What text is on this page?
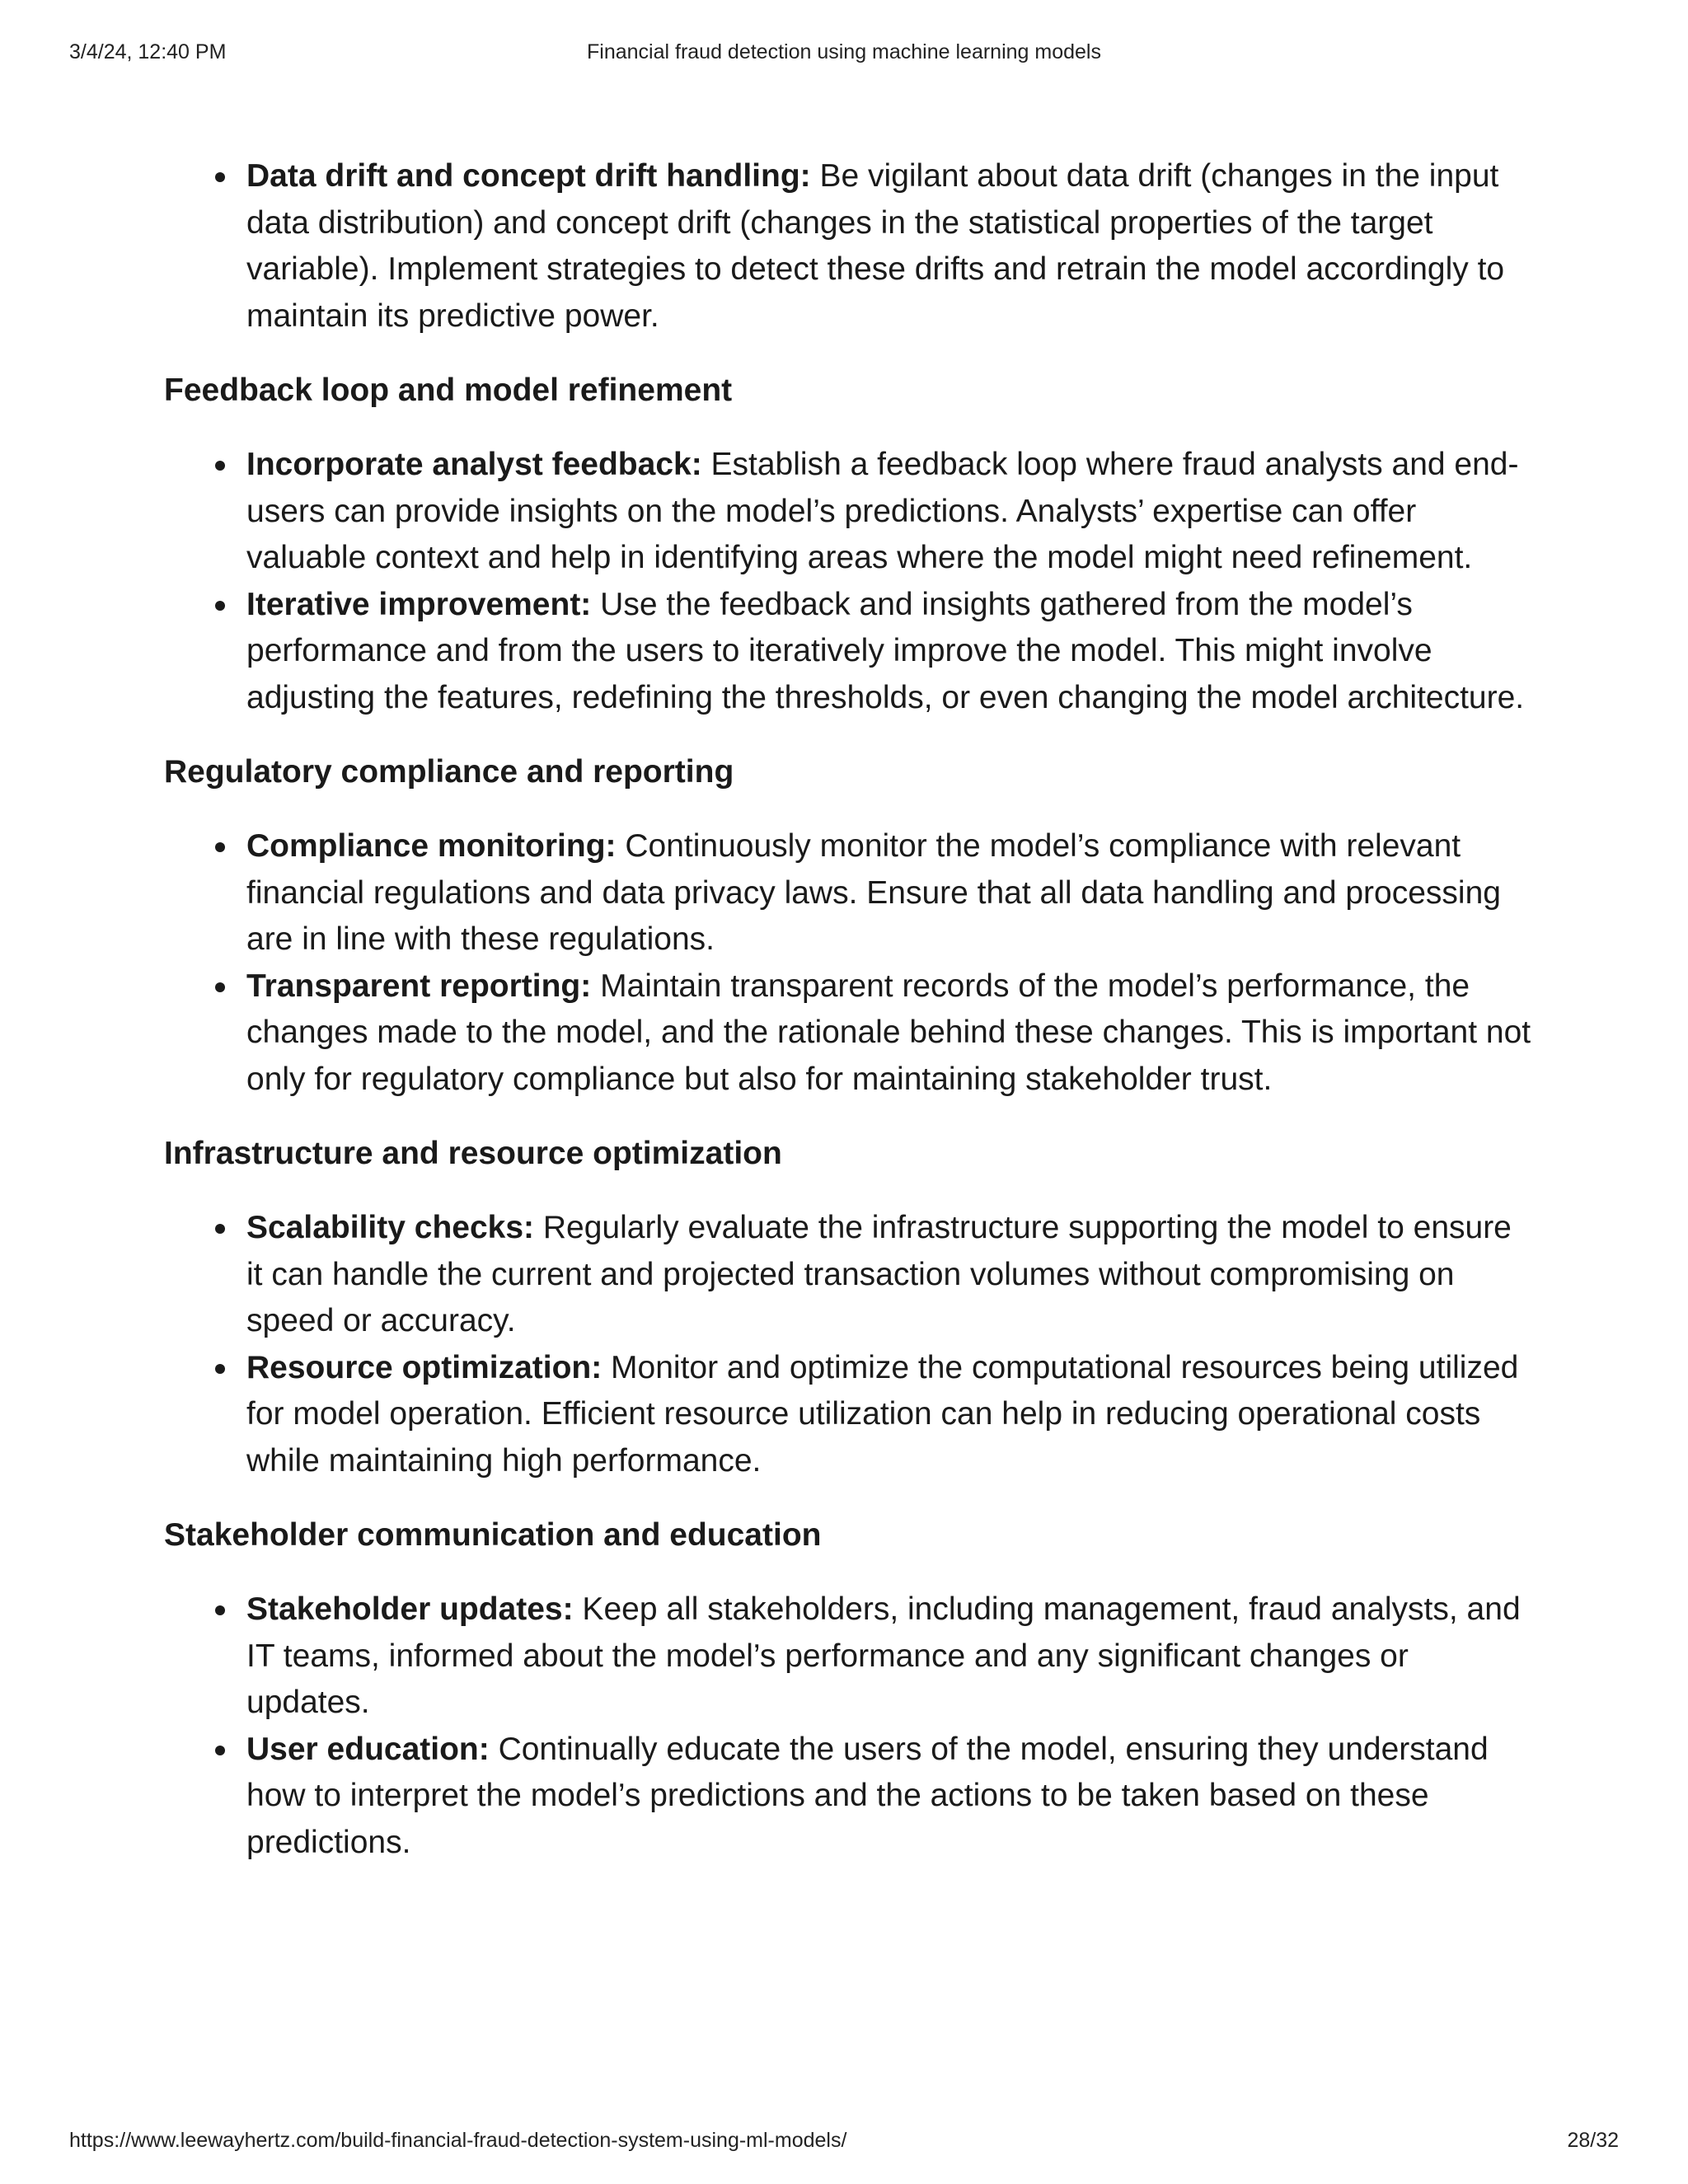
3/4/24, 12:40 PM	Financial fraud detection using machine learning models
Data drift and concept drift handling: Be vigilant about data drift (changes in the input data distribution) and concept drift (changes in the statistical properties of the target variable). Implement strategies to detect these drifts and retrain the model accordingly to maintain its predictive power.
Feedback loop and model refinement
Incorporate analyst feedback: Establish a feedback loop where fraud analysts and end-users can provide insights on the model’s predictions. Analysts’ expertise can offer valuable context and help in identifying areas where the model might need refinement.
Iterative improvement: Use the feedback and insights gathered from the model’s performance and from the users to iteratively improve the model. This might involve adjusting the features, redefining the thresholds, or even changing the model architecture.
Regulatory compliance and reporting
Compliance monitoring: Continuously monitor the model’s compliance with relevant financial regulations and data privacy laws. Ensure that all data handling and processing are in line with these regulations.
Transparent reporting: Maintain transparent records of the model’s performance, the changes made to the model, and the rationale behind these changes. This is important not only for regulatory compliance but also for maintaining stakeholder trust.
Infrastructure and resource optimization
Scalability checks: Regularly evaluate the infrastructure supporting the model to ensure it can handle the current and projected transaction volumes without compromising on speed or accuracy.
Resource optimization: Monitor and optimize the computational resources being utilized for model operation. Efficient resource utilization can help in reducing operational costs while maintaining high performance.
Stakeholder communication and education
Stakeholder updates: Keep all stakeholders, including management, fraud analysts, and IT teams, informed about the model’s performance and any significant changes or updates.
User education: Continually educate the users of the model, ensuring they understand how to interpret the model’s predictions and the actions to be taken based on these predictions.
https://www.leewayhertz.com/build-financial-fraud-detection-system-using-ml-models/	28/32
